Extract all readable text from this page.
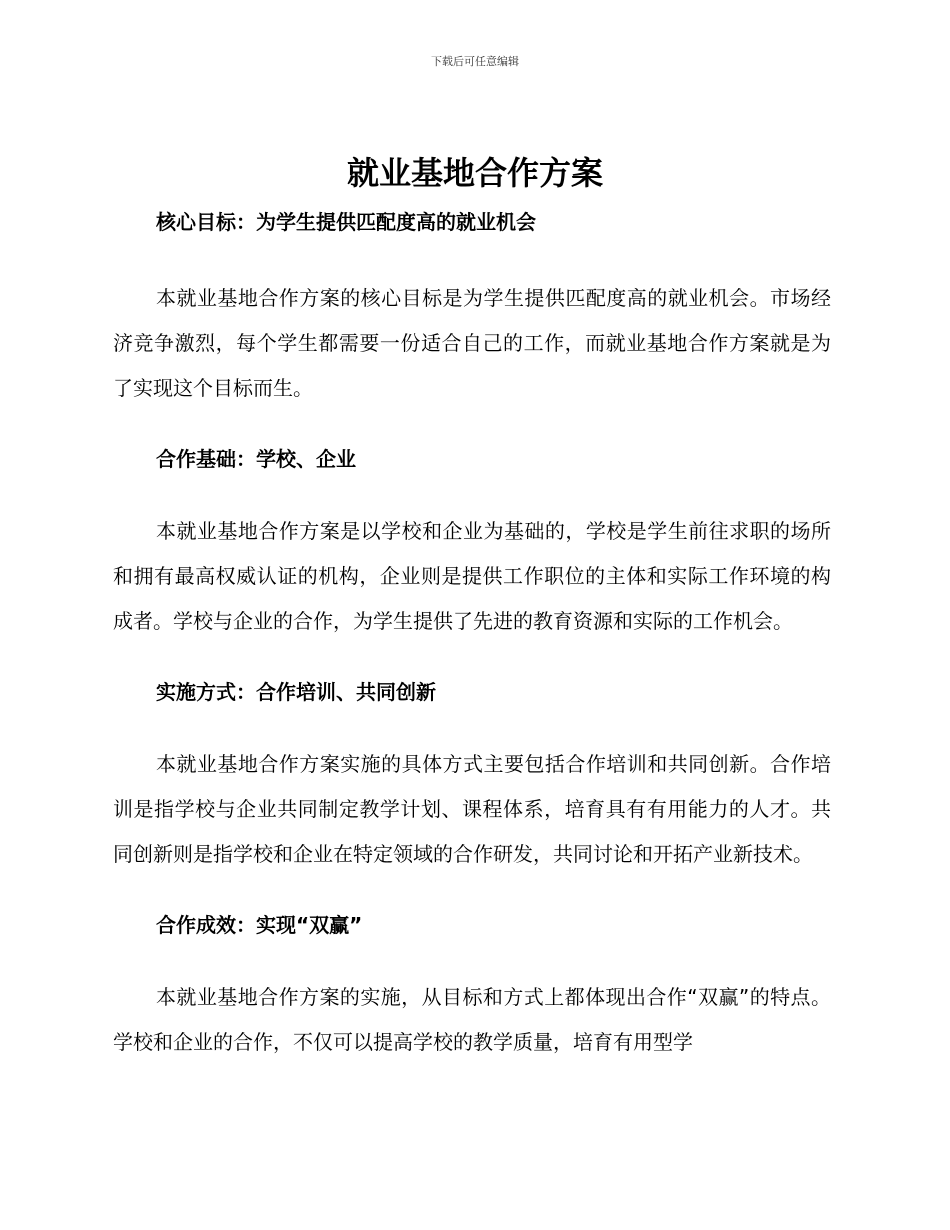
下载后可任意编辑
就业基地合作方案

核心目标：为学生提供匹配度高的就业机会

本就业基地合作方案的核心目标是为学生提供匹配度高的就业机会。市场经济竞争激烈，每个学生都需要一份适合自己的工作，而就业基地合作方案就是为了实现这个目标而生。

合作基础：学校、企业

本就业基地合作方案是以学校和企业为基础的，学校是学生前往求职的场所和拥有最高权威认证的机构，企业则是提供工作职位的主体和实际工作环境的构成者。学校与企业的合作，为学生提供了先进的教育资源和实际的工作机会。

实施方式：合作培训、共同创新

本就业基地合作方案实施的具体方式主要包括合作培训和共同创新。合作培训是指学校与企业共同制定教学计划、课程体系，培育具有有用能力的人才。共同创新则是指学校和企业在特定领域的合作研发，共同讨论和开拓产业新技术。

合作成效：实现“双赢”

本就业基地合作方案的实施，从目标和方式上都体现出合作“双赢”的特点。学校和企业的合作，不仅可以提高学校的教学质量，培育有用型学
